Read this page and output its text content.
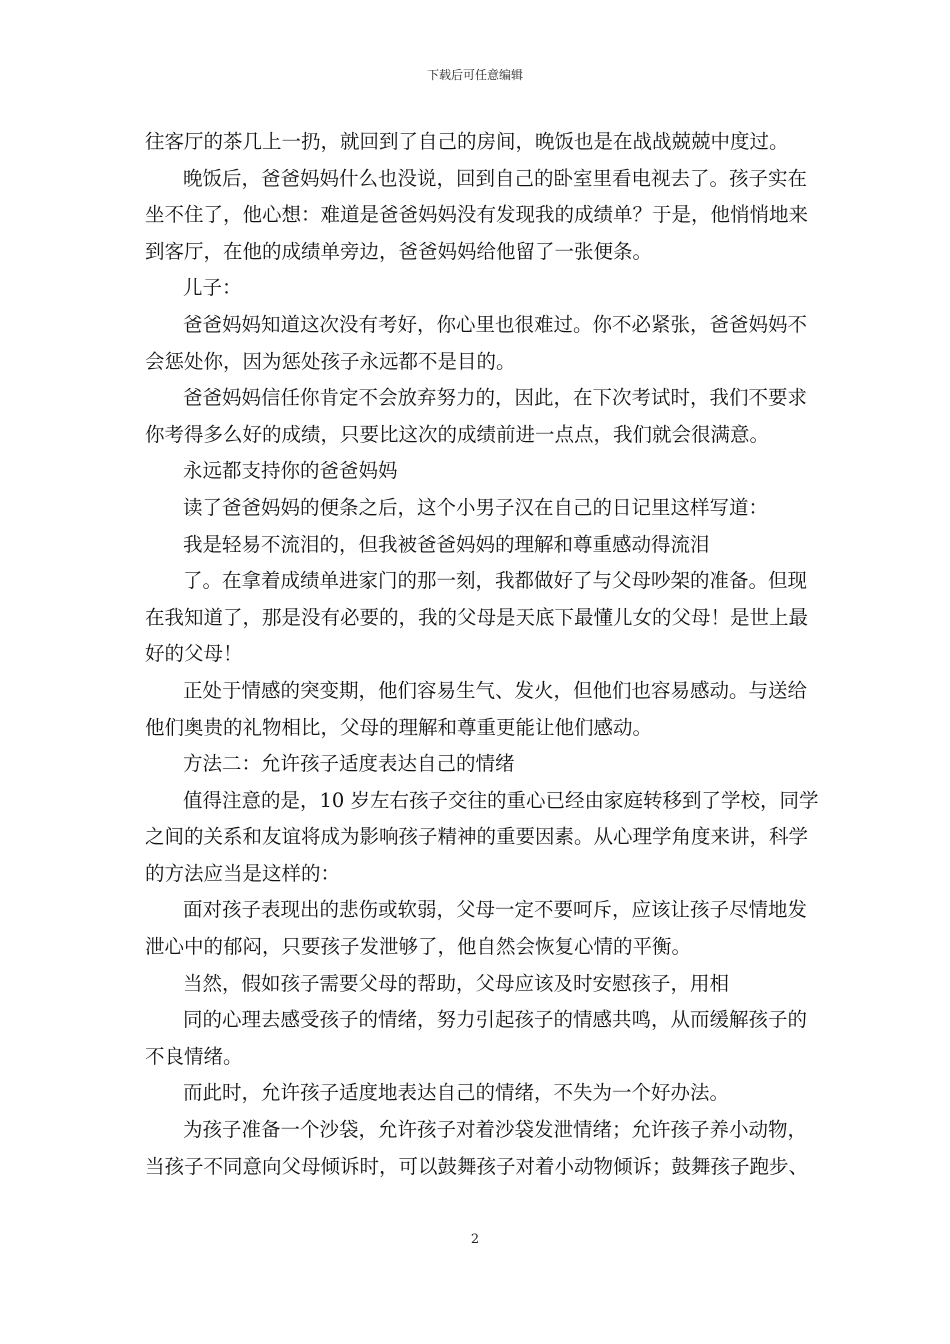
下载后可任意编辑
往客厅的茶几上一扔，就回到了自己的房间，晚饭也是在战战兢兢中度过。
晚饭后，爸爸妈妈什么也没说，回到自己的卧室里看电视去了。孩子实在
坐不住了，他心想：难道是爸爸妈妈没有发现我的成绩单？于是，他悄悄地来
到客厅，在他的成绩单旁边，爸爸妈妈给他留了一张便条。
儿子：
爸爸妈妈知道这次没有考好，你心里也很难过。你不必紧张，爸爸妈妈不
会惩处你，因为惩处孩子永远都不是目的。
爸爸妈妈信任你肯定不会放弃努力的，因此，在下次考试时，我们不要求
你考得多么好的成绩，只要比这次的成绩前进一点点，我们就会很满意。
永远都支持你的爸爸妈妈
读了爸爸妈妈的便条之后，这个小男子汉在自己的日记里这样写道：
我是轻易不流泪的，但我被爸爸妈妈的理解和尊重感动得流泪
了。在拿着成绩单进家门的那一刻，我都做好了与父母吵架的准备。但现
在我知道了，那是没有必要的，我的父母是天底下最懂儿女的父母！是世上最
好的父母！
正处于情感的突变期，他们容易生气、发火，但他们也容易感动。与送给
他们奥贵的礼物相比，父母的理解和尊重更能让他们感动。
方法二：允许孩子适度表达自己的情绪
值得注意的是，10 岁左右孩子交往的重心已经由家庭转移到了学校，同学
之间的关系和友谊将成为影响孩子精神的重要因素。从心理学角度来讲，科学
的方法应当是这样的：
面对孩子表现出的悲伤或软弱，父母一定不要呵斥，应该让孩子尽情地发
泄心中的郁闷，只要孩子发泄够了，他自然会恢复心情的平衡。
当然，假如孩子需要父母的帮助，父母应该及时安慰孩子，用相
同的心理去感受孩子的情绪，努力引起孩子的情感共鸣，从而缓解孩子的
不良情绪。
而此时，允许孩子适度地表达自己的情绪，不失为一个好办法。
为孩子准备一个沙袋，允许孩子对着沙袋发泄情绪；允许孩子养小动物，
当孩子不同意向父母倾诉时，可以鼓舞孩子对着小动物倾诉；鼓舞孩子跑步、
2
